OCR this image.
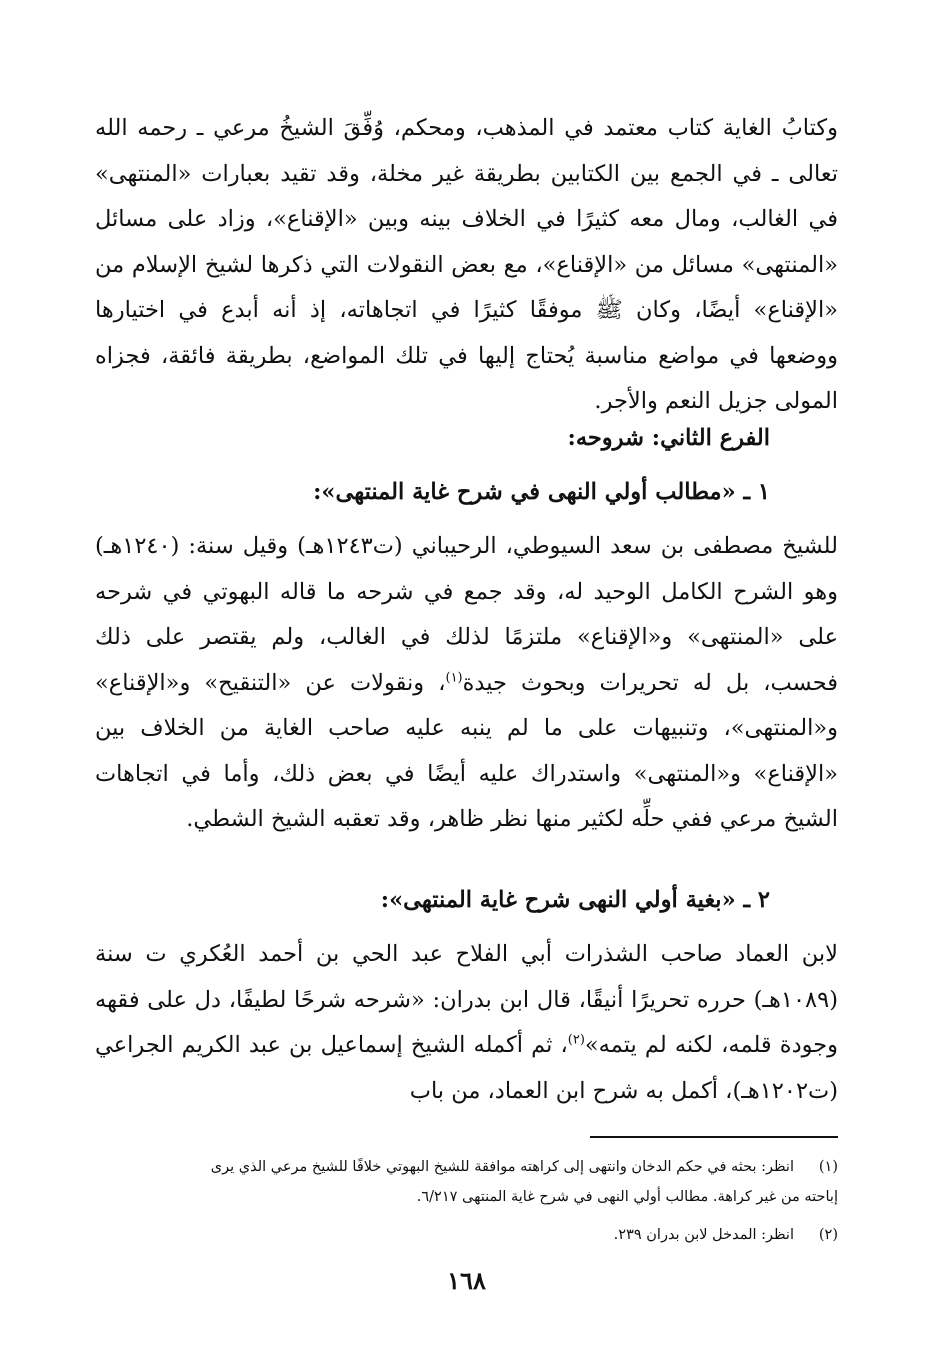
وكتابُ الغاية كتاب معتمد في المذهب، ومحكم، وُفِّقَ الشيخُ مرعي ـ رحمه الله تعالى ـ في الجمع بين الكتابين بطريقة غير مخلة، وقد تقيد بعبارات «المنتهى» في الغالب، ومال معه كثيرًا في الخلاف بينه وبين «الإقناع»، وزاد على مسائل «المنتهى» مسائل من «الإقناع»، مع بعض النقولات التي ذكرها لشيخ الإسلام من «الإقناع» أيضًا، وكان ﷺ موفقًا كثيرًا في اتجاهاته، إذ أنه أبدع في اختيارها ووضعها في مواضع مناسبة يُحتاج إليها في تلك المواضع، بطريقة فائقة، فجزاه المولى جزيل النعم والأجر.
الفرع الثاني: شروحه:
١ ـ «مطالب أولي النهى في شرح غاية المنتهى»:
للشيخ مصطفى بن سعد السيوطي، الرحيباني (ت١٢٤٣هـ) وقيل سنة: (١٢٤٠هـ) وهو الشرح الكامل الوحيد له، وقد جمع في شرحه ما قاله البهوتي في شرحه على «المنتهى» و«الإقناع» ملتزمًا لذلك في الغالب، ولم يقتصر على ذلك فحسب، بل له تحريرات وبحوث جيدة$^{(١)}$، ونقولات عن «التنقيح» و«الإقناع» و«المنتهى»، وتنبيهات على ما لم ينبه عليه صاحب الغاية من الخلاف بين «الإقناع» و«المنتهى» واستدراك عليه أيضًا في بعض ذلك، وأما في اتجاهات الشيخ مرعي ففي حلِّه لكثير منها نظر ظاهر، وقد تعقبه الشيخ الشطي.
٢ ـ «بغية أولي النهى شرح غاية المنتهى»:
لابن العماد صاحب الشذرات أبي الفلاح عبد الحي بن أحمد العُكري ت سنة (١٠٨٩هـ) حرره تحريرًا أنيقًا، قال ابن بدران: «شرحه شرحًا لطيفًا، دل على فقهه وجودة قلمه، لكنه لم يتمه»$^{(٢)}$، ثم أكمله الشيخ إسماعيل بن عبد الكريم الجراعي (ت١٢٠٢هـ)، أكمل به شرح ابن العماد، من باب
(١)انظر: بحثه في حكم الدخان وانتهى إلى كراهته موافقة للشيخ البهوتي خلافًا للشيخ مرعي الذي يرى
إباحته من غير كراهة. مطالب أولي النهى في شرح غاية المنتهى ٦/٢١٧.
(٢)انظر: المدخل لابن بدران ٢٣٩.
١٦٨
